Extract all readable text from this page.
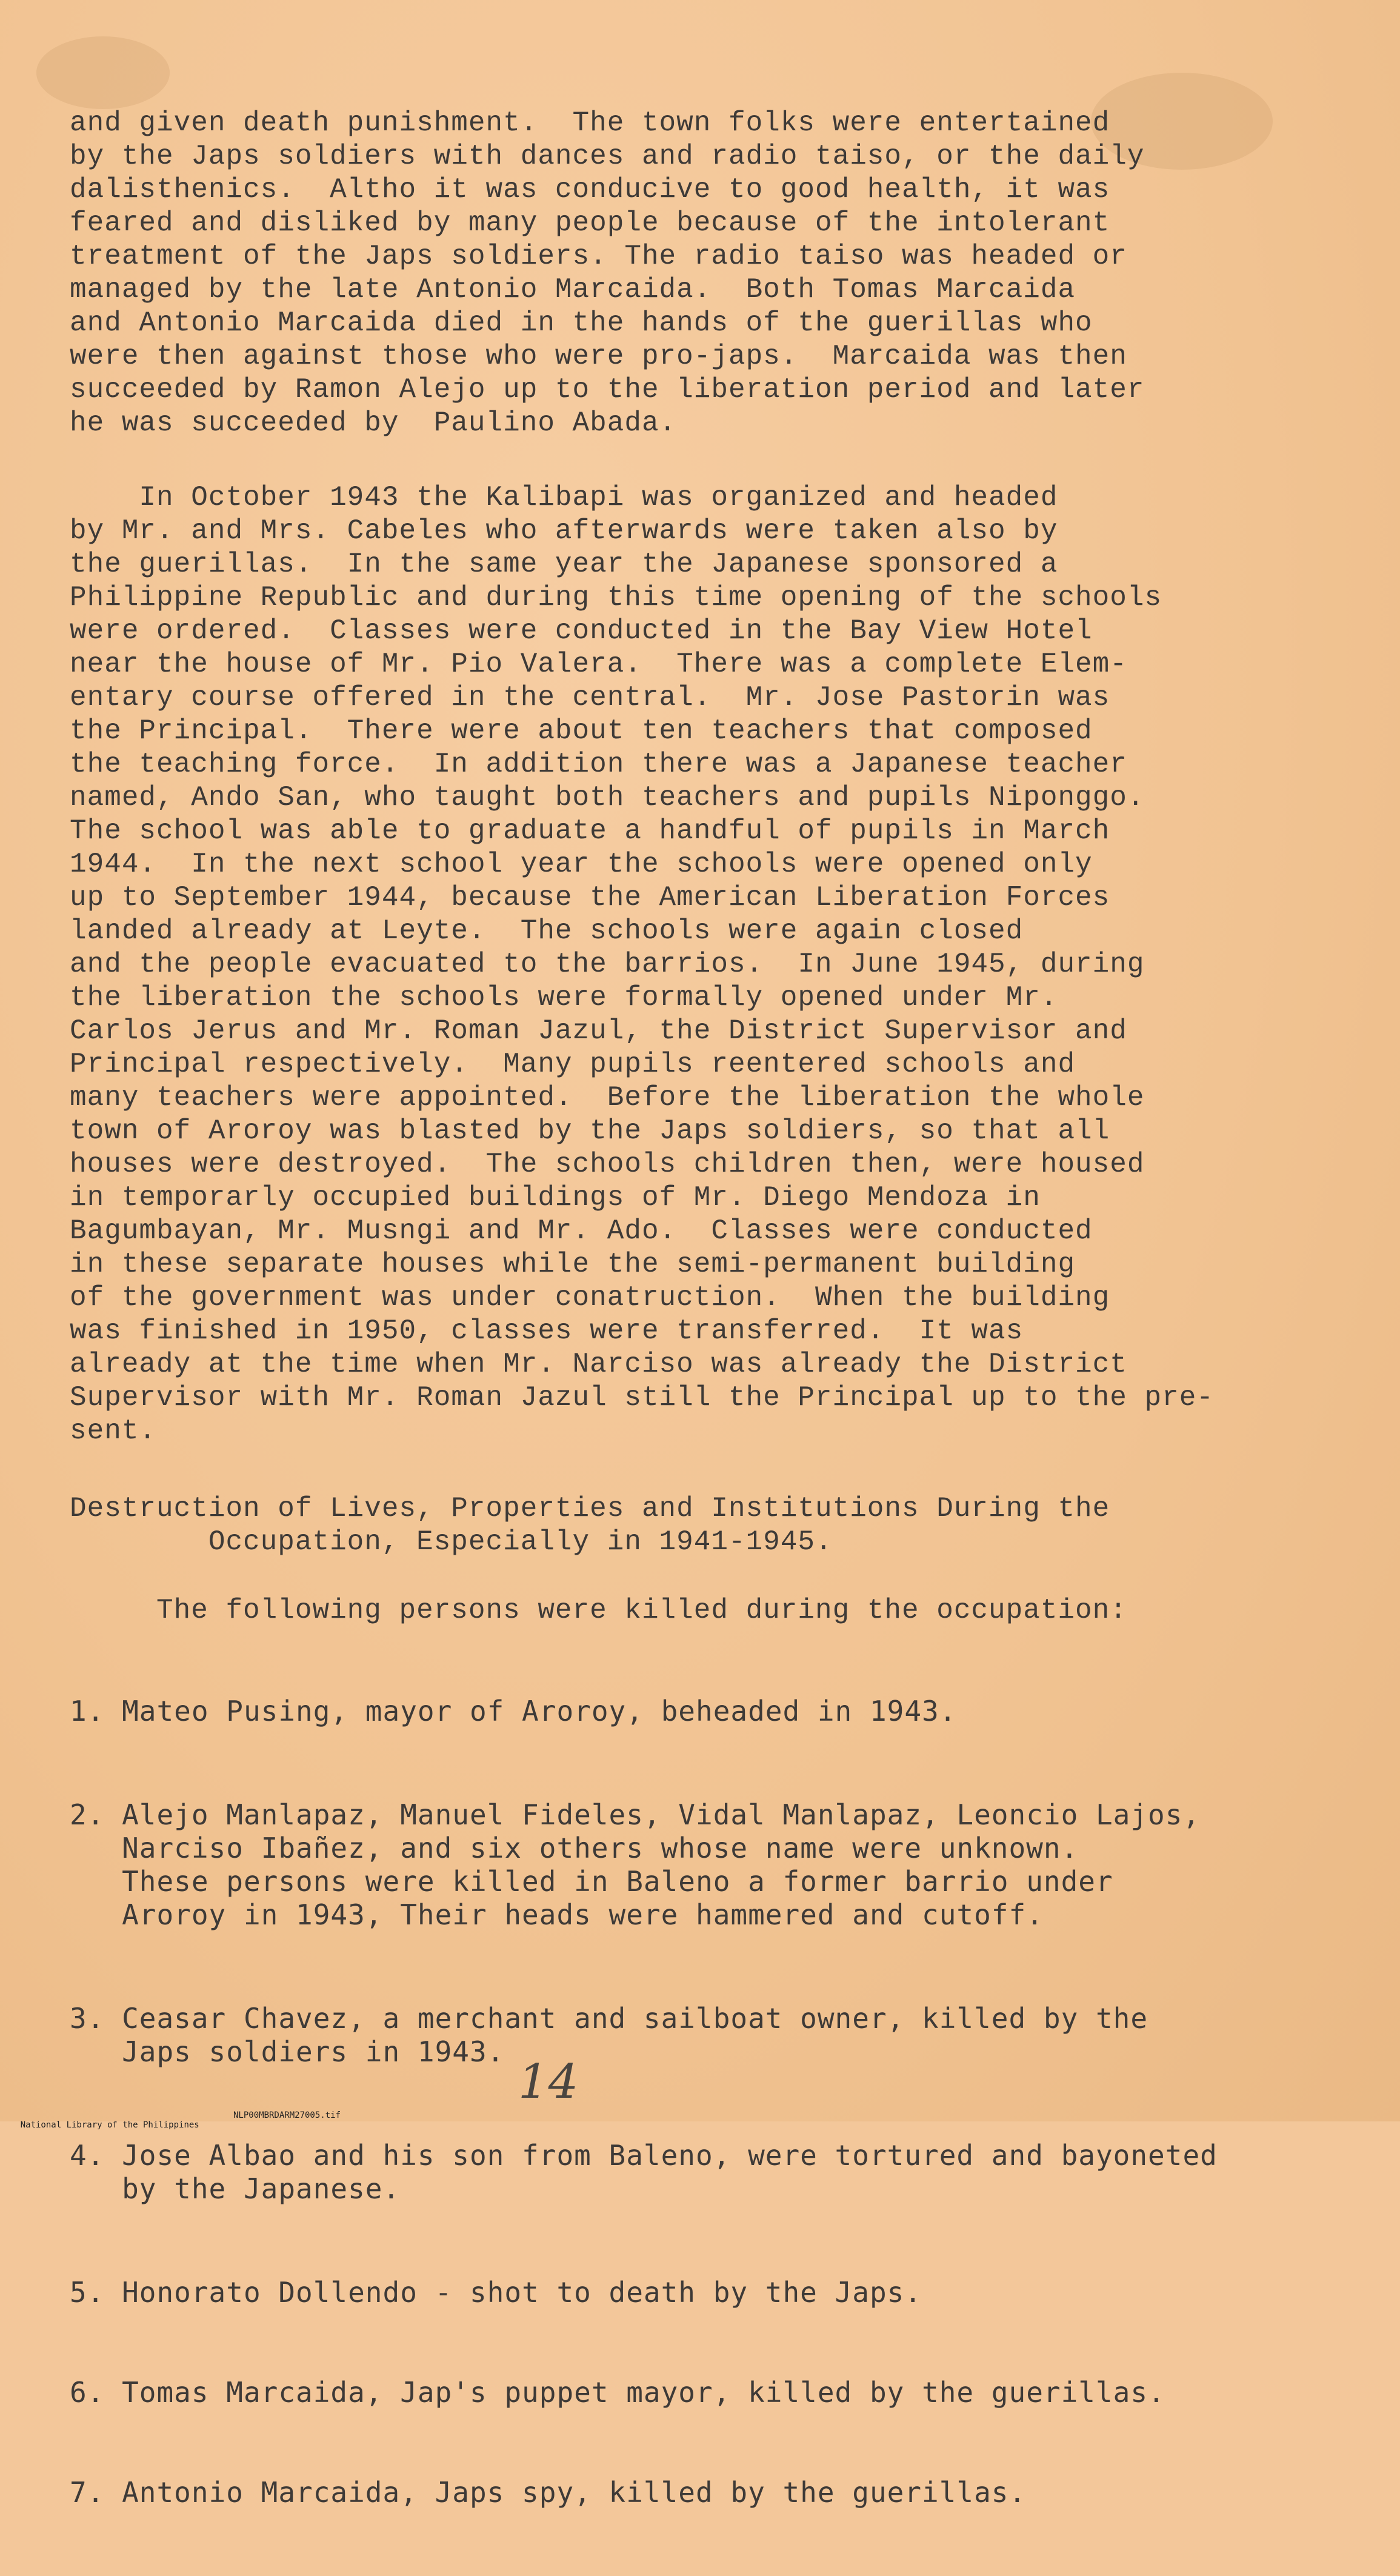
and given death punishment.  The town folks were entertained
by the Japs soldiers with dances and radio taiso, or the daily
dalisthenics.  Altho it was conducive to good health, it was
feared and disliked by many people because of the intolerant
treatment of the Japs soldiers. The radio taiso was headed or
managed by the late Antonio Marcaida.  Both Tomas Marcaida
and Antonio Marcaida died in the hands of the guerillas who
were then against those who were pro-japs.  Marcaida was then
succeeded by Ramon Alejo up to the liberation period and later
he was succeeded by  Paulino Abada.
In October 1943 the Kalibapi was organized and headed
by Mr. and Mrs. Cabeles who afterwards were taken also by
the guerillas.  In the same year the Japanese sponsored a
Philippine Republic and during this time opening of the schools
were ordered.  Classes were conducted in the Bay View Hotel
near the house of Mr. Pio Valera.  There was a complete Elem-
entary course offered in the central.  Mr. Jose Pastorin was
the Principal.  There were about ten teachers that composed
the teaching force.  In addition there was a Japanese teacher
named, Ando San, who taught both teachers and pupils Niponggo.
The school was able to graduate a handful of pupils in March
1944.  In the next school year the schools were opened only
up to September 1944, because the American Liberation Forces
landed already at Leyte.  The schools were again closed
and the people evacuated to the barrios.  In June 1945, during
the liberation the schools were formally opened under Mr.
Carlos Jerus and Mr. Roman Jazul, the District Supervisor and
Principal respectively.  Many pupils reentered schools and
many teachers were appointed.  Before the liberation the whole
town of Aroroy was blasted by the Japs soldiers, so that all
houses were destroyed.  The schools children then, were housed
in temporarly occupied buildings of Mr. Diego Mendoza in
Bagumbayan, Mr. Musngi and Mr. Ado.  Classes were conducted
in these separate houses while the semi-permanent building
of the government was under conatruction.  When the building
was finished in 1950, classes were transferred.  It was
already at the time when Mr. Narciso was already the District
Supervisor with Mr. Roman Jazul still the Principal up to the pre-
sent.
Destruction of Lives, Properties and Institutions During the
Occupation, Especially in 1941-1945.
The following persons were killed during the occupation:

1. Mateo Pusing, mayor of Aroroy, beheaded in 1943.

2. Alejo Manlapaz, Manuel Fideles, Vidal Manlapaz, Leoncio Lajos,
Narciso Ibañez, and six others whose name were unknown.
These persons were killed in Baleno a former barrio under
Aroroy in 1943, Their heads were hammered and cutoff.

3. Ceasar Chavez, a merchant and sailboat owner, killed by the
Japs soldiers in 1943.

4. Jose Albao and his son from Baleno, were tortured and bayoneted
by the Japanese.

5. Honorato Dollendo - shot to death by the Japs.

6. Tomas Marcaida, Jap's puppet mayor, killed by the guerillas.

7. Antonio Marcaida, Japs spy, killed by the guerillas.

14

National Library of the Philippines

NLP00MBRDARM27005.tif
